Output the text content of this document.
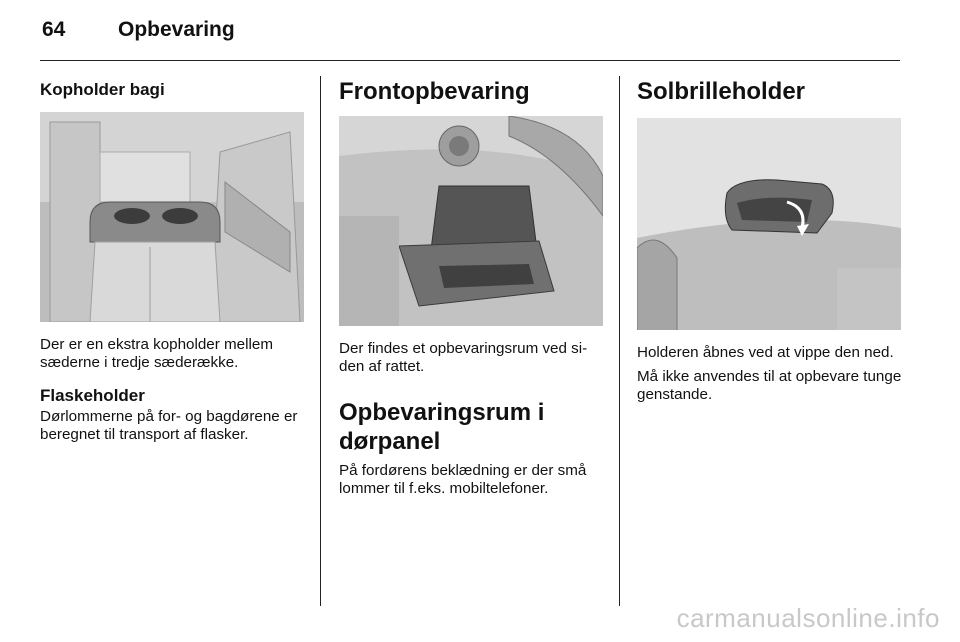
64	Opbevaring
Kopholder bagi

Der er en ekstra kopholder mellem sæderne i tredje sæderække.

Flaskeholder

Dørlommerne på for- og bagdørene er beregnet til transport af flasker.

Frontopbevaring

Der findes et opbevaringsrum ved si-den af rattet.

Opbevaringsrum i dørpanel

På fordørens beklædning er der små lommer til f.eks. mobiltelefoner.

Solbrilleholder

Holderen åbnes ved at vippe den ned.

Må ikke anvendes til at opbevare tunge genstande.

carmanualsonline.info
